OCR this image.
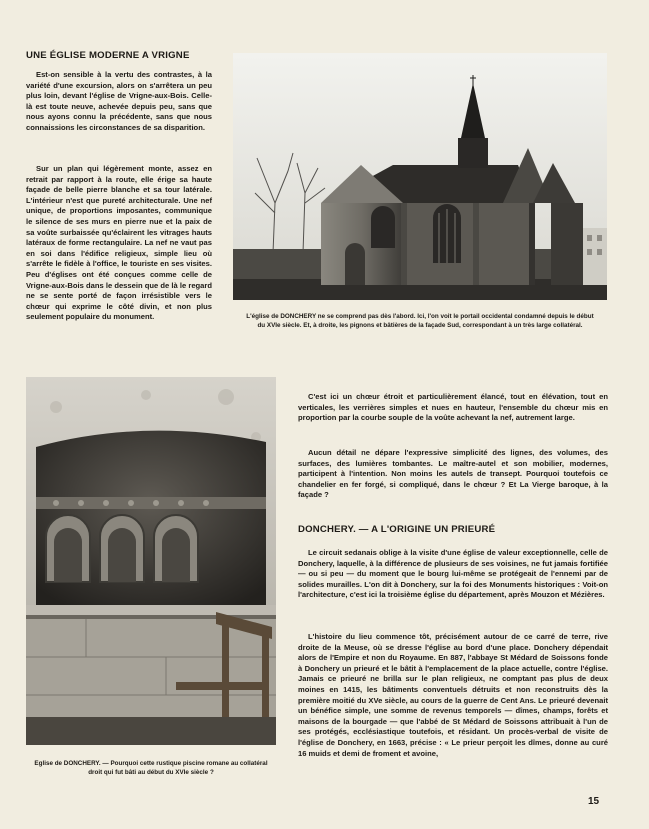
UNE ÉGLISE MODERNE A VRIGNE

Est-on sensible à la vertu des contrastes, à la variété d'une excursion, alors on s'arrêtera un peu plus loin, devant l'église de Vrigne-aux-Bois. Celle-là est toute neuve, achevée depuis peu, sans que nous ayons connu la précédente, sans que nous connaissions les circonstances de sa disparition.

Sur un plan qui légèrement monte, assez en retrait par rapport à la route, elle érige sa haute façade de belle pierre blanche et sa tour latérale. L'intérieur n'est que pureté architecturale. Une nef unique, de proportions imposantes, communique le silence de ses murs en pierre nue et la paix de sa voûte surbaissée qu'éclairent les vitrages hauts latéraux de forme rectangulaire. La nef ne vaut pas en soi dans l'édifice religieux, simple lieu où s'arrête le fidèle à l'office, le touriste en ses visites. Peu d'églises ont été conçues comme celle de Vrigne-aux-Bois dans le dessein que de là le regard ne se sente porté de façon irrésistible vers le chœur qui exprime le côté divin, et non plus seulement populaire du monument.	L'église de DONCHERY ne se comprend pas dès l'abord. Ici, l'on voit le portail occidental condamné depuis le début du XVIe siècle. Et, à droite, les pignons et bâtières de la façade Sud, correspondant à un très large collatéral.

Eglise de DONCHERY. — Pourquoi cette rustique piscine romane au collatéral droit qui fut bâti au début du XVIe siècle ?

C'est ici un chœur étroit et particulièrement élancé, tout en élévation, tout en verticales, les verrières simples et nues en hauteur, l'ensemble du chœur mis en proportion par la courbe souple de la voûte achevant la nef, autrement large.

Aucun détail ne dépare l'expressive simplicité des lignes, des volumes, des surfaces, des lumières tombantes. Le maître-autel et son mobilier, modernes, participent à l'intention. Non moins les autels de transept. Pourquoi toutefois ce chandelier en fer forgé, si compliqué, dans le chœur ? Et La Vierge baroque, à la façade ?

DONCHERY. — A L'ORIGINE UN PRIEURÉ

Le circuit sedanais oblige à la visite d'une église de valeur exceptionnelle, celle de Donchery, laquelle, à la différence de plusieurs de ses voisines, ne fut jamais fortifiée — ou si peu — du moment que le bourg lui-même se protégeait de l'ennemi par de solides murailles. L'on dit à Donchery, sur la foi des Monuments historiques : Voit-on l'architecture, c'est ici la troisième église du département, après Mouzon et Mézières.

L'histoire du lieu commence tôt, précisément autour de ce carré de terre, rive droite de la Meuse, où se dresse l'église au bord d'une place. Donchery dépendait alors de l'Empire et non du Royaume. En 887, l'abbaye St Médard de Soissons fonde à Donchery un prieuré et le bâtit à l'emplacement de la place actuelle, contre l'église. Jamais ce prieuré ne brilla sur le plan religieux, ne comptant pas plus de deux moines en 1415, les bâtiments conventuels détruits et non reconstruits dès la première moitié du XVe siècle, au cours de la guerre de Cent Ans. Le prieuré devenait un bénéfice simple, une somme de revenus temporels — dîmes, champs, forêts et maisons de la bourgade — que l'abbé de St Médard de Soissons attribuait à l'un de ses protégés, ecclésiastique toutefois, et résidant. Un procès-verbal de visite de l'église de Donchery, en 1663, précise : « Le prieur perçoit les dîmes, donne au curé 16 muids et demi de froment et avoine,

15
